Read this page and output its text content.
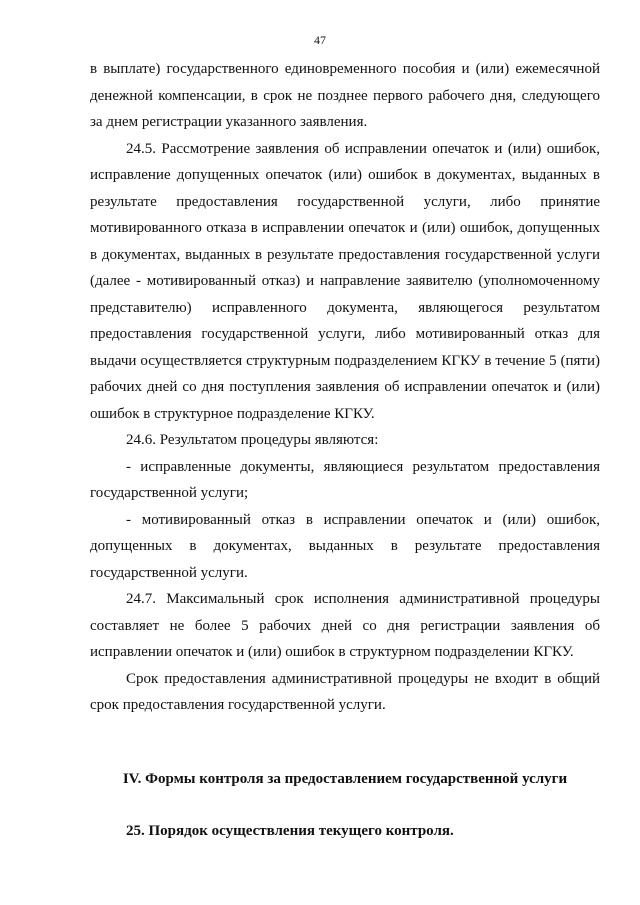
47

в выплате) государственного единовременного пособия и (или) ежемесячной денежной компенсации, в срок не позднее первого рабочего дня, следующего за днем регистрации указанного заявления.

24.5. Рассмотрение заявления об исправлении опечаток и (или) ошибок, исправление допущенных опечаток (или) ошибок в документах, выданных в результате предоставления государственной услуги, либо принятие мотивированного отказа в исправлении опечаток и (или) ошибок, допущенных в документах, выданных в результате предоставления государственной услуги (далее - мотивированный отказ) и направление заявителю (уполномоченному представителю) исправленного документа, являющегося результатом предоставления государственной услуги, либо мотивированный отказ для выдачи осуществляется структурным подразделением КГКУ в течение 5 (пяти) рабочих дней со дня поступления заявления об исправлении опечаток и (или) ошибок в структурное подразделение КГКУ.

24.6. Результатом процедуры являются:

- исправленные документы, являющиеся результатом предоставления государственной услуги;

- мотивированный отказ в исправлении опечаток и (или) ошибок, допущенных в документах, выданных в результате предоставления государственной услуги.

24.7. Максимальный срок исполнения административной процедуры составляет не более 5 рабочих дней со дня регистрации заявления об исправлении опечаток и (или) ошибок в структурном подразделении КГКУ.

Срок предоставления административной процедуры не входит в общий срок предоставления государственной услуги.

IV. Формы контроля за предоставлением государственной услуги
25. Порядок осуществления текущего контроля.
